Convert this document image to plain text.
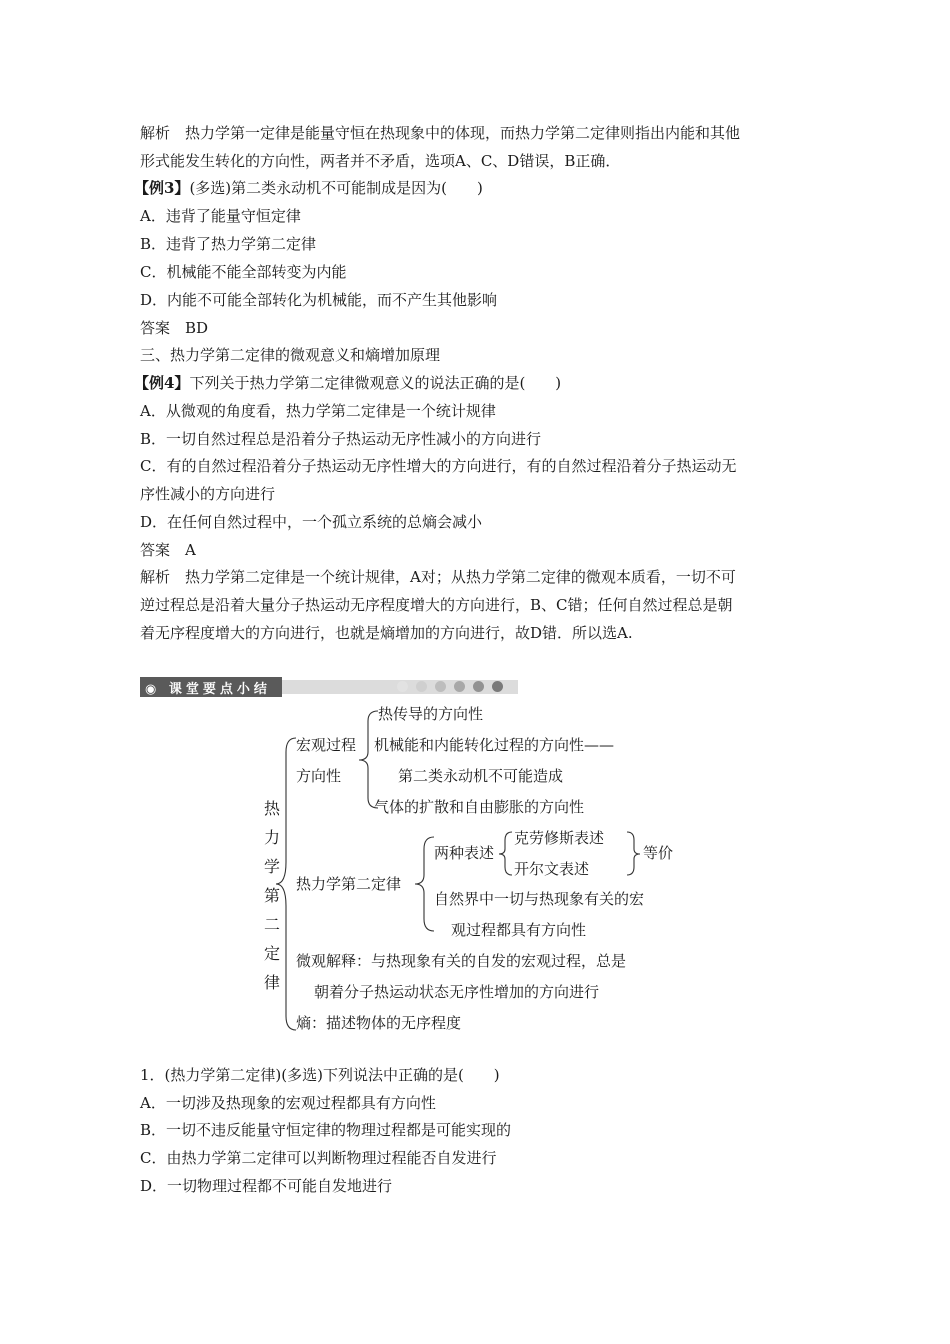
解析　热力学第一定律是能量守恒在热现象中的体现，而热力学第二定律则指出内能和其他
形式能发生转化的方向性，两者并不矛盾，选项A、C、D错误，B正确．
【例3】(多选)第二类永动机不可能制成是因为(　　)
A．违背了能量守恒定律
B．违背了热力学第二定律
C．机械能不能全部转变为内能
D．内能不可能全部转化为机械能，而不产生其他影响
答案　BD
三、热力学第二定律的微观意义和熵增加原理
【例4】下列关于热力学第二定律微观意义的说法正确的是(　　)
A．从微观的角度看，热力学第二定律是一个统计规律
B．一切自然过程总是沿着分子热运动无序性减小的方向进行
C．有的自然过程沿着分子热运动无序性增大的方向进行，有的自然过程沿着分子热运动无
序性减小的方向进行
D．在任何自然过程中，一个孤立系统的总熵会减小
答案　A
解析　热力学第二定律是一个统计规律，A对；从热力学第二定律的微观本质看，一切不可
逆过程总是沿着大量分子热运动无序程度增大的方向进行，B、C错；任何自然过程总是朝
着无序程度增大的方向进行，也就是熵增加的方向进行，故D错．所以选A.
◉ 课堂要点小结
热
力
学
第
二
定
律
宏观过程
方向性
热传导的方向性
机械能和内能转化过程的方向性——
第二类永动机不可能造成
气体的扩散和自由膨胀的方向性
热力学第二定律
两种表述
克劳修斯表述
开尔文表述
等价
自然界中一切与热现象有关的宏
观过程都具有方向性
微观解释：与热现象有关的自发的宏观过程，总是
朝着分子热运动状态无序性增加的方向进行
熵：描述物体的无序程度
1．(热力学第二定律)(多选)下列说法中正确的是(　　)
A．一切涉及热现象的宏观过程都具有方向性
B．一切不违反能量守恒定律的物理过程都是可能实现的
C．由热力学第二定律可以判断物理过程能否自发进行
D．一切物理过程都不可能自发地进行
